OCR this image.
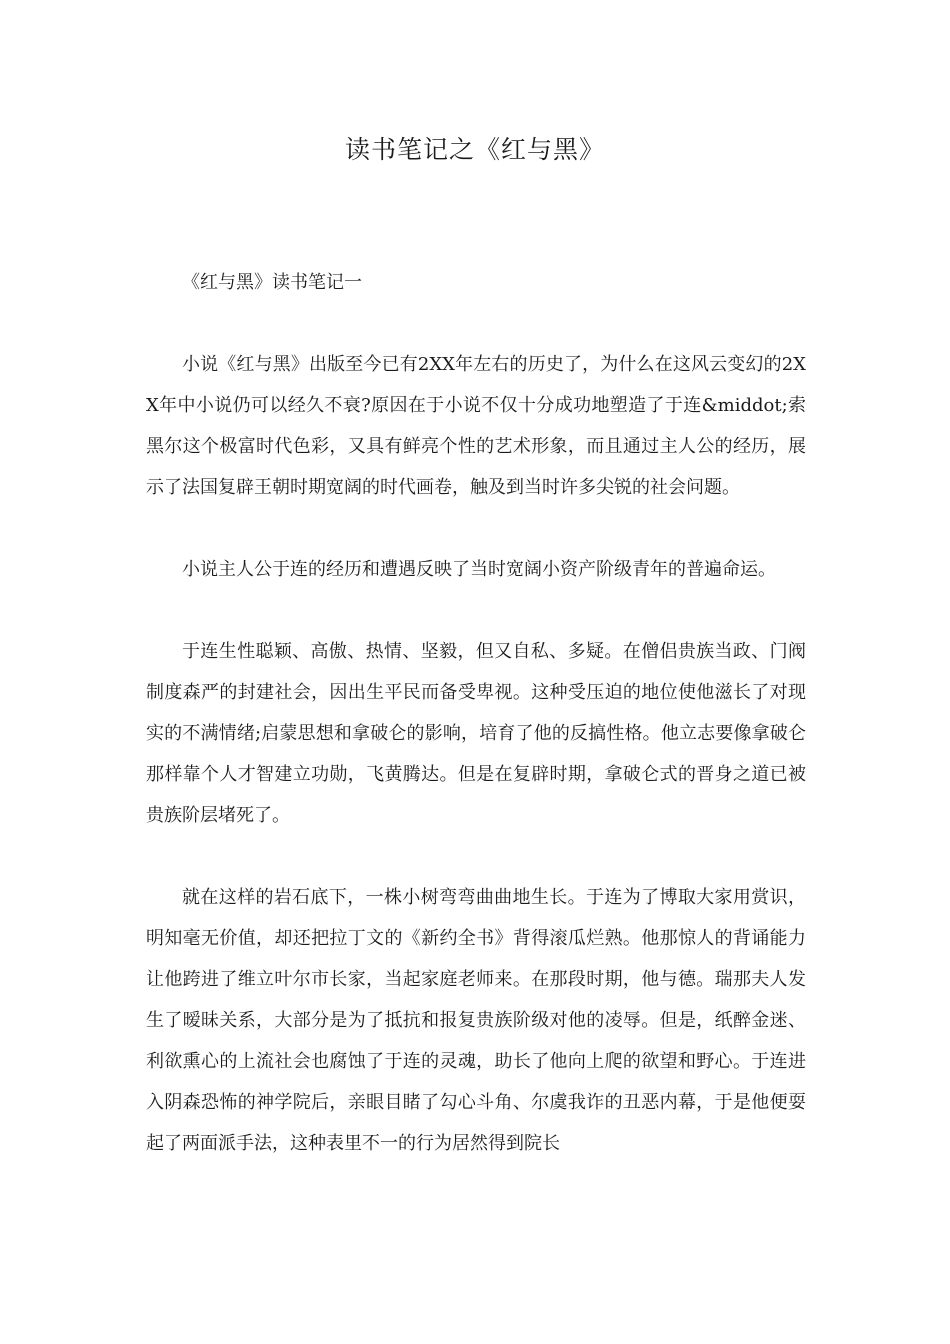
读书笔记之《红与黑》

《红与黑》读书笔记一

小说《红与黑》出版至今已有2XX年左右的历史了，为什么在这风云变幻的2XX年中小说仍可以经久不衰?原因在于小说不仅十分成功地塑造了于连&middot;索黑尔这个极富时代色彩，又具有鲜亮个性的艺术形象，而且通过主人公的经历，展示了法国复辟王朝时期宽阔的时代画卷，触及到当时许多尖锐的社会问题。

小说主人公于连的经历和遭遇反映了当时宽阔小资产阶级青年的普遍命运。

于连生性聪颖、高傲、热情、坚毅，但又自私、多疑。在僧侣贵族当政、门阀制度森严的封建社会，因出生平民而备受卑视。这种受压迫的地位使他滋长了对现实的不满情绪;启蒙思想和拿破仑的影响，培育了他的反搞性格。他立志要像拿破仑那样靠个人才智建立功勋，飞黄腾达。但是在复辟时期，拿破仑式的晋身之道已被贵族阶层堵死了。

就在这样的岩石底下，一株小树弯弯曲曲地生长。于连为了博取大家用赏识，明知毫无价值，却还把拉丁文的《新约全书》背得滚瓜烂熟。他那惊人的背诵能力让他跨进了维立叶尔市长家，当起家庭老师来。在那段时期，他与德。瑞那夫人发生了暧昧关系，大部分是为了抵抗和报复贵族阶级对他的凌辱。但是，纸醉金迷、利欲熏心的上流社会也腐蚀了于连的灵魂，助长了他向上爬的欲望和野心。于连进入阴森恐怖的神学院后，亲眼目睹了勾心斗角、尔虞我诈的丑恶内幕，于是他便耍起了两面派手法，这种表里不一的行为居然得到院长
